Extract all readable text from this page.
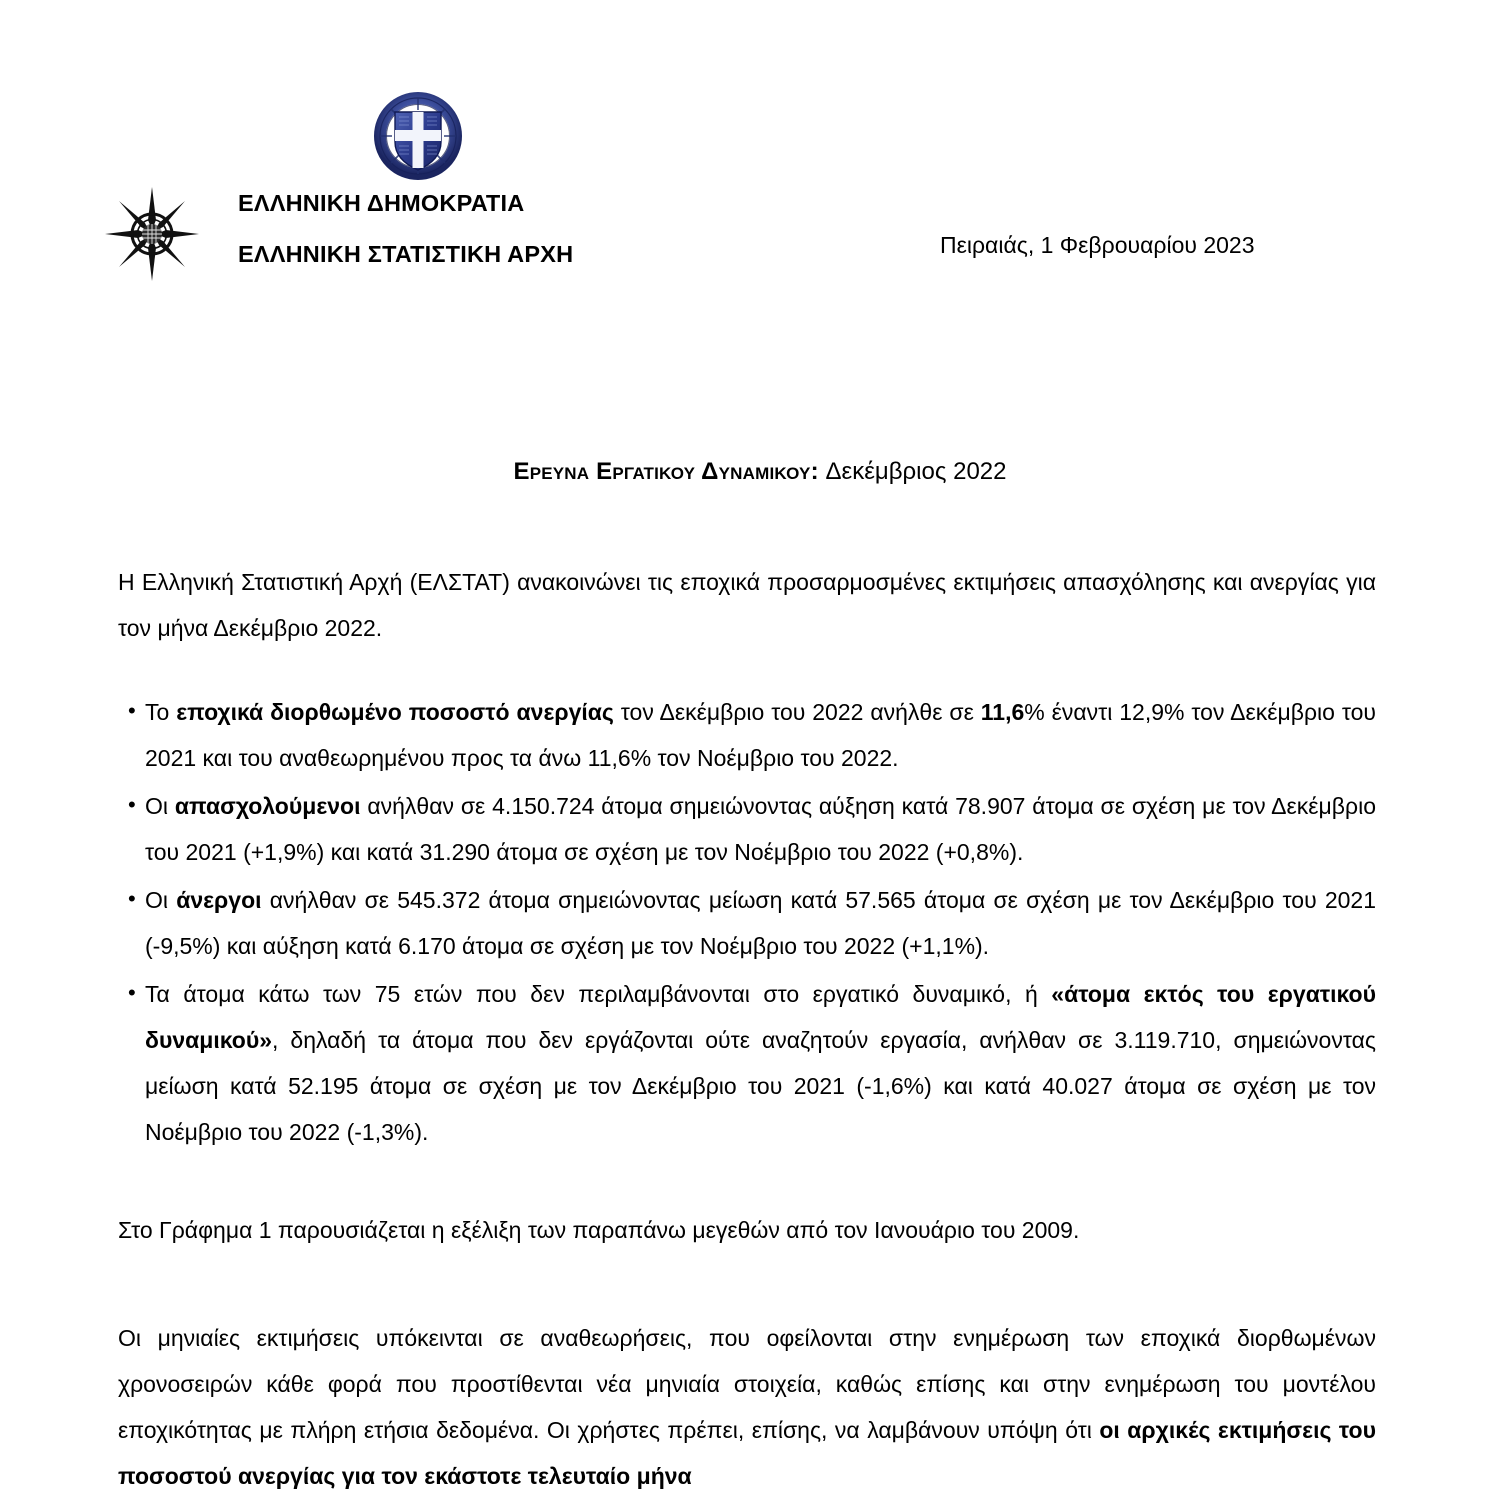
ΕΛΛΗΝΙΚΗ ΔΗΜΟΚΡΑΤΙΑ
ΕΛΛΗΝΙΚΗ ΣΤΑΤΙΣΤΙΚΗ ΑΡΧΗ	Πειραιάς, 1 Φεβρουαρίου 2023
Ερευνα Εργατικου Δυναμικου: Δεκέμβριος 2022

Η Ελληνική Στατιστική Αρχή (ΕΛΣΤΑΤ) ανακοινώνει τις εποχικά προσαρμοσμένες εκτιμήσεις απασχόλησης και ανεργίας για τον μήνα Δεκέμβριο 2022.

• Το εποχικά διορθωμένο ποσοστό ανεργίας τον Δεκέμβριο του 2022 ανήλθε σε 11,6% έναντι 12,9% τον Δεκέμβριο του 2021 και του αναθεωρημένου προς τα άνω 11,6% τον Νοέμβριο του 2022.
• Οι απασχολούμενοι ανήλθαν σε 4.150.724 άτομα σημειώνοντας αύξηση κατά 78.907 άτομα σε σχέση με τον Δεκέμβριο του 2021 (+1,9%) και κατά 31.290 άτομα σε σχέση με τον Νοέμβριο του 2022 (+0,8%).
• Οι άνεργοι ανήλθαν σε 545.372 άτομα σημειώνοντας μείωση κατά 57.565 άτομα σε σχέση με τον Δεκέμβριο του 2021 (-9,5%) και αύξηση κατά 6.170 άτομα σε σχέση με τον Νοέμβριο του 2022 (+1,1%).
• Τα άτομα κάτω των 75 ετών που δεν περιλαμβάνονται στο εργατικό δυναμικό, ή «άτομα εκτός του εργατικού δυναμικού», δηλαδή τα άτομα που δεν εργάζονται ούτε αναζητούν εργασία, ανήλθαν σε 3.119.710, σημειώνοντας μείωση κατά 52.195 άτομα σε σχέση με τον Δεκέμβριο του 2021 (-1,6%) και κατά 40.027 άτομα σε σχέση με τον Νοέμβριο του 2022 (-1,3%).

Στο Γράφημα 1 παρουσιάζεται η εξέλιξη των παραπάνω μεγεθών από τον Ιανουάριο του 2009.

Οι μηνιαίες εκτιμήσεις υπόκεινται σε αναθεωρήσεις, που οφείλονται στην ενημέρωση των εποχικά διορθωμένων χρονοσειρών κάθε φορά που προστίθενται νέα μηνιαία στοιχεία, καθώς επίσης και στην ενημέρωση του μοντέλου εποχικότητας με πλήρη ετήσια δεδομένα. Οι χρήστες πρέπει, επίσης, να λαμβάνουν υπόψη ότι οι αρχικές εκτιμήσεις του ποσοστού ανεργίας για τον εκάστοτε τελευταίο μήνα
